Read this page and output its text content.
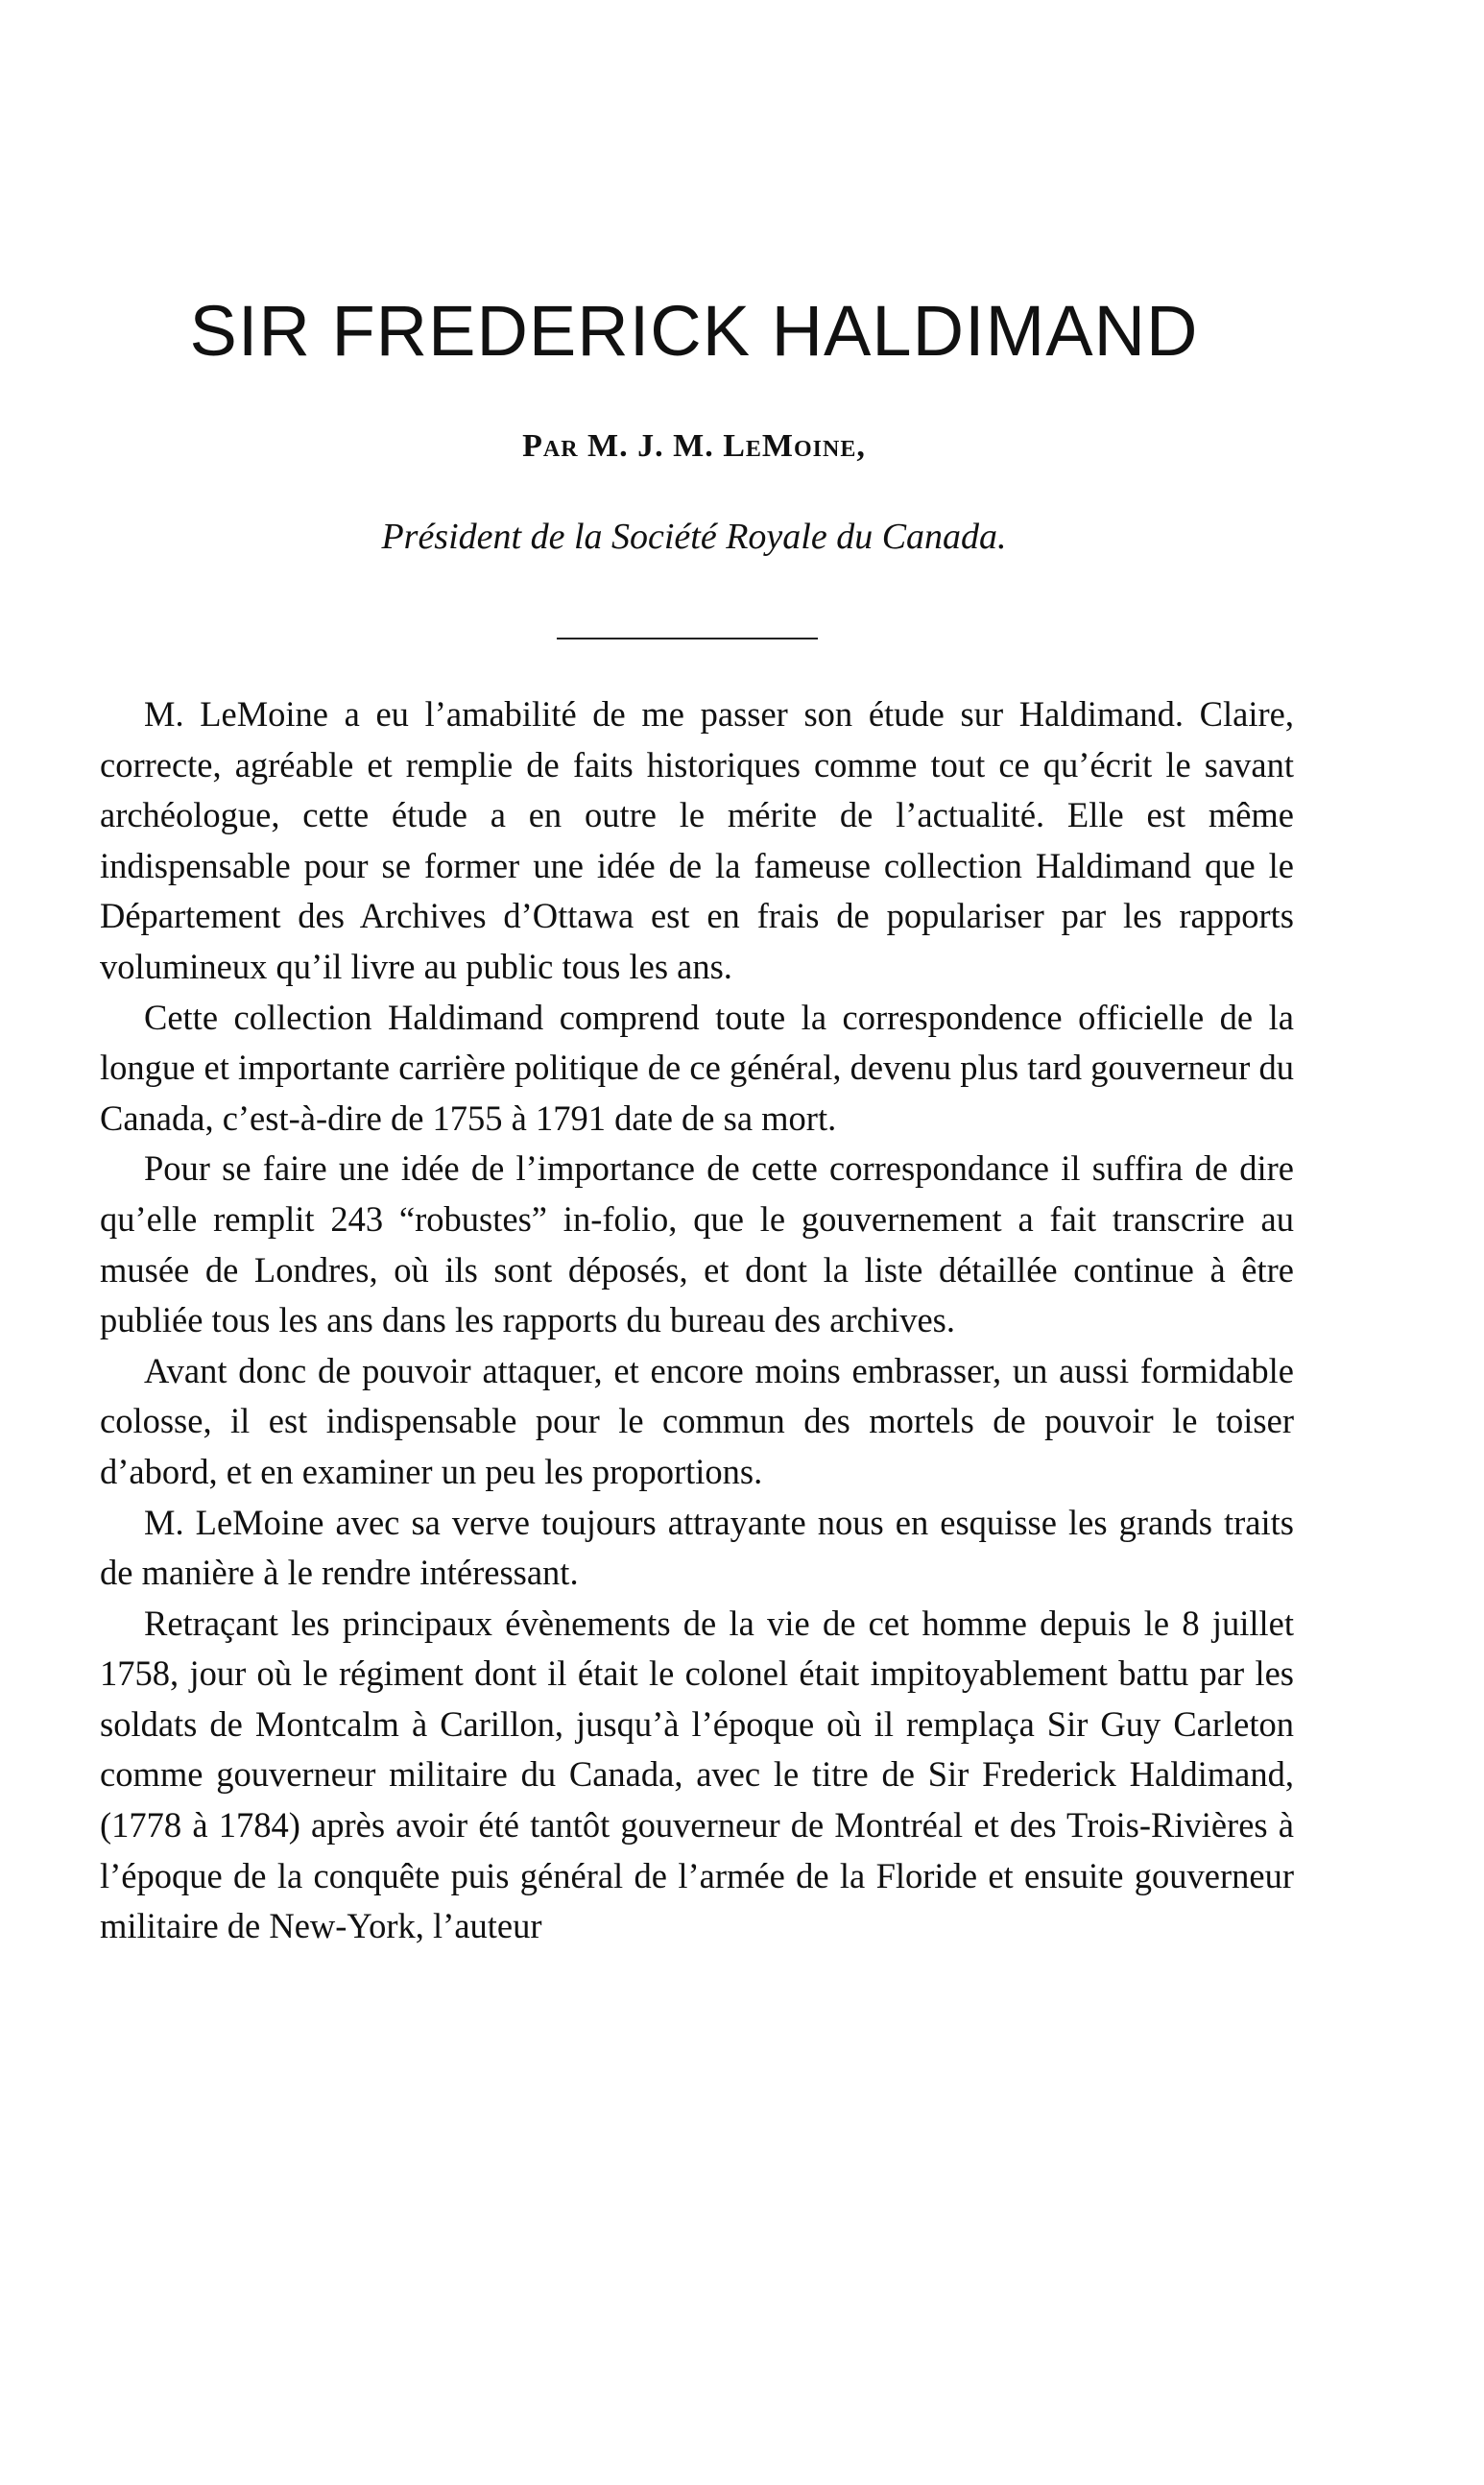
SIR FREDERICK HALDIMAND

Par M. J. M. LeMoine,

Président de la Société Royale du Canada.

M. LeMoine a eu l’amabilité de me passer son étude sur Haldimand. Claire, correcte, agréable et remplie de faits historiques comme tout ce qu’écrit le savant archéologue, cette étude a en outre le mérite de l’actualité. Elle est même indispensable pour se former une idée de la fameuse collection Haldimand que le Département des Archives d’Ottawa est en frais de populariser par les rapports volumineux qu’il livre au public tous les ans.

Cette collection Haldimand comprend toute la correspondence officielle de la longue et importante carrière politique de ce général, devenu plus tard gouverneur du Canada, c’est-à-dire de 1755 à 1791 date de sa mort.

Pour se faire une idée de l’importance de cette correspondance il suffira de dire qu’elle remplit 243 “robustes” in-folio, que le gouvernement a fait transcrire au musée de Londres, où ils sont déposés, et dont la liste détaillée continue à être publiée tous les ans dans les rapports du bureau des archives.

Avant donc de pouvoir attaquer, et encore moins embrasser, un aussi formidable colosse, il est indispensable pour le commun des mortels de pouvoir le toiser d’abord, et en examiner un peu les proportions.

M. LeMoine avec sa verve toujours attrayante nous en esquisse les grands traits de manière à le rendre intéressant.

Retraçant les principaux évènements de la vie de cet homme depuis le 8 juillet 1758, jour où le régiment dont il était le colonel était impitoyablement battu par les soldats de Montcalm à Carillon, jusqu’à l’époque où il remplaça Sir Guy Carleton comme gouverneur militaire du Canada, avec le titre de Sir Frederick Haldimand, (1778 à 1784) après avoir été tantôt gouverneur de Montréal et des Trois-Rivières à l’époque de la conquête puis général de l’armée de la Floride et ensuite gouverneur militaire de New-York, l’auteur
